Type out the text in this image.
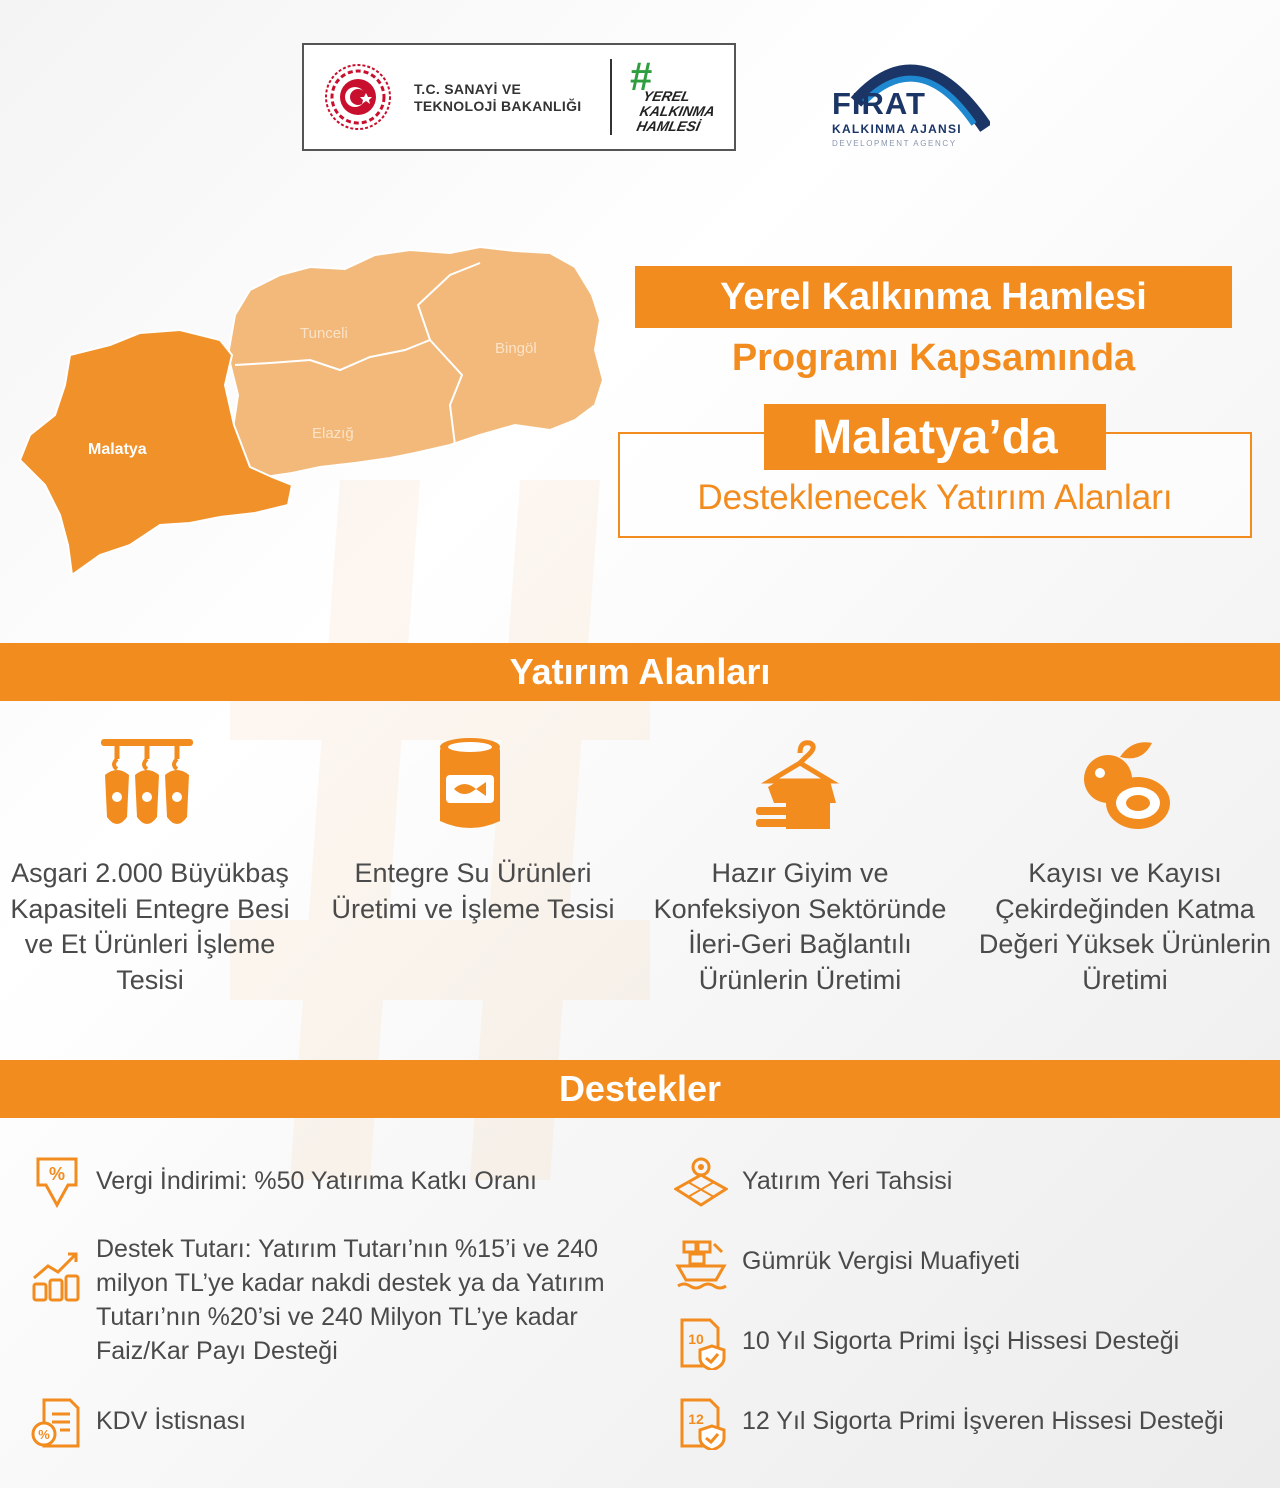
T.C. SANAYİ VE TEKNOLOJİ BAKANLIĞI
#
YEREL KALKINMA HAMLESİ
FIRAT
KALKINMA AJANSI
DEVELOPMENT AGENCY
Malatya
Tunceli
Bingöl
Elazığ
Yerel Kalkınma Hamlesi
Programı Kapsamında
Malatya’da
Desteklenecek Yatırım Alanları
Yatırım Alanları
Asgari 2.000 Büyükbaş Kapasiteli Entegre Besi ve Et Ürünleri İşleme Tesisi
Entegre Su Ürünleri Üretimi ve İşleme Tesisi
Hazır Giyim ve Konfeksiyon Sektöründe İleri-Geri Bağlantılı Ürünlerin Üretimi
Kayısı ve Kayısı Çekirdeğinden Katma Değeri Yüksek Ürünlerin Üretimi
Destekler
% Vergi İndirimi: %50 Yatırıma Katkı Oranı
Destek Tutarı: Yatırım Tutarı’nın %15’i ve 240 milyon TL’ye kadar nakdi destek ya da Yatırım Tutarı’nın %20’si ve 240 Milyon TL’ye kadar Faiz/Kar Payı Desteği
% KDV İstisnası
Yatırım Yeri Tahsisi
Gümrük Vergisi Muafiyeti
10 10 Yıl Sigorta Primi İşçi Hissesi Desteği
12 12 Yıl Sigorta Primi İşveren Hissesi Desteği
